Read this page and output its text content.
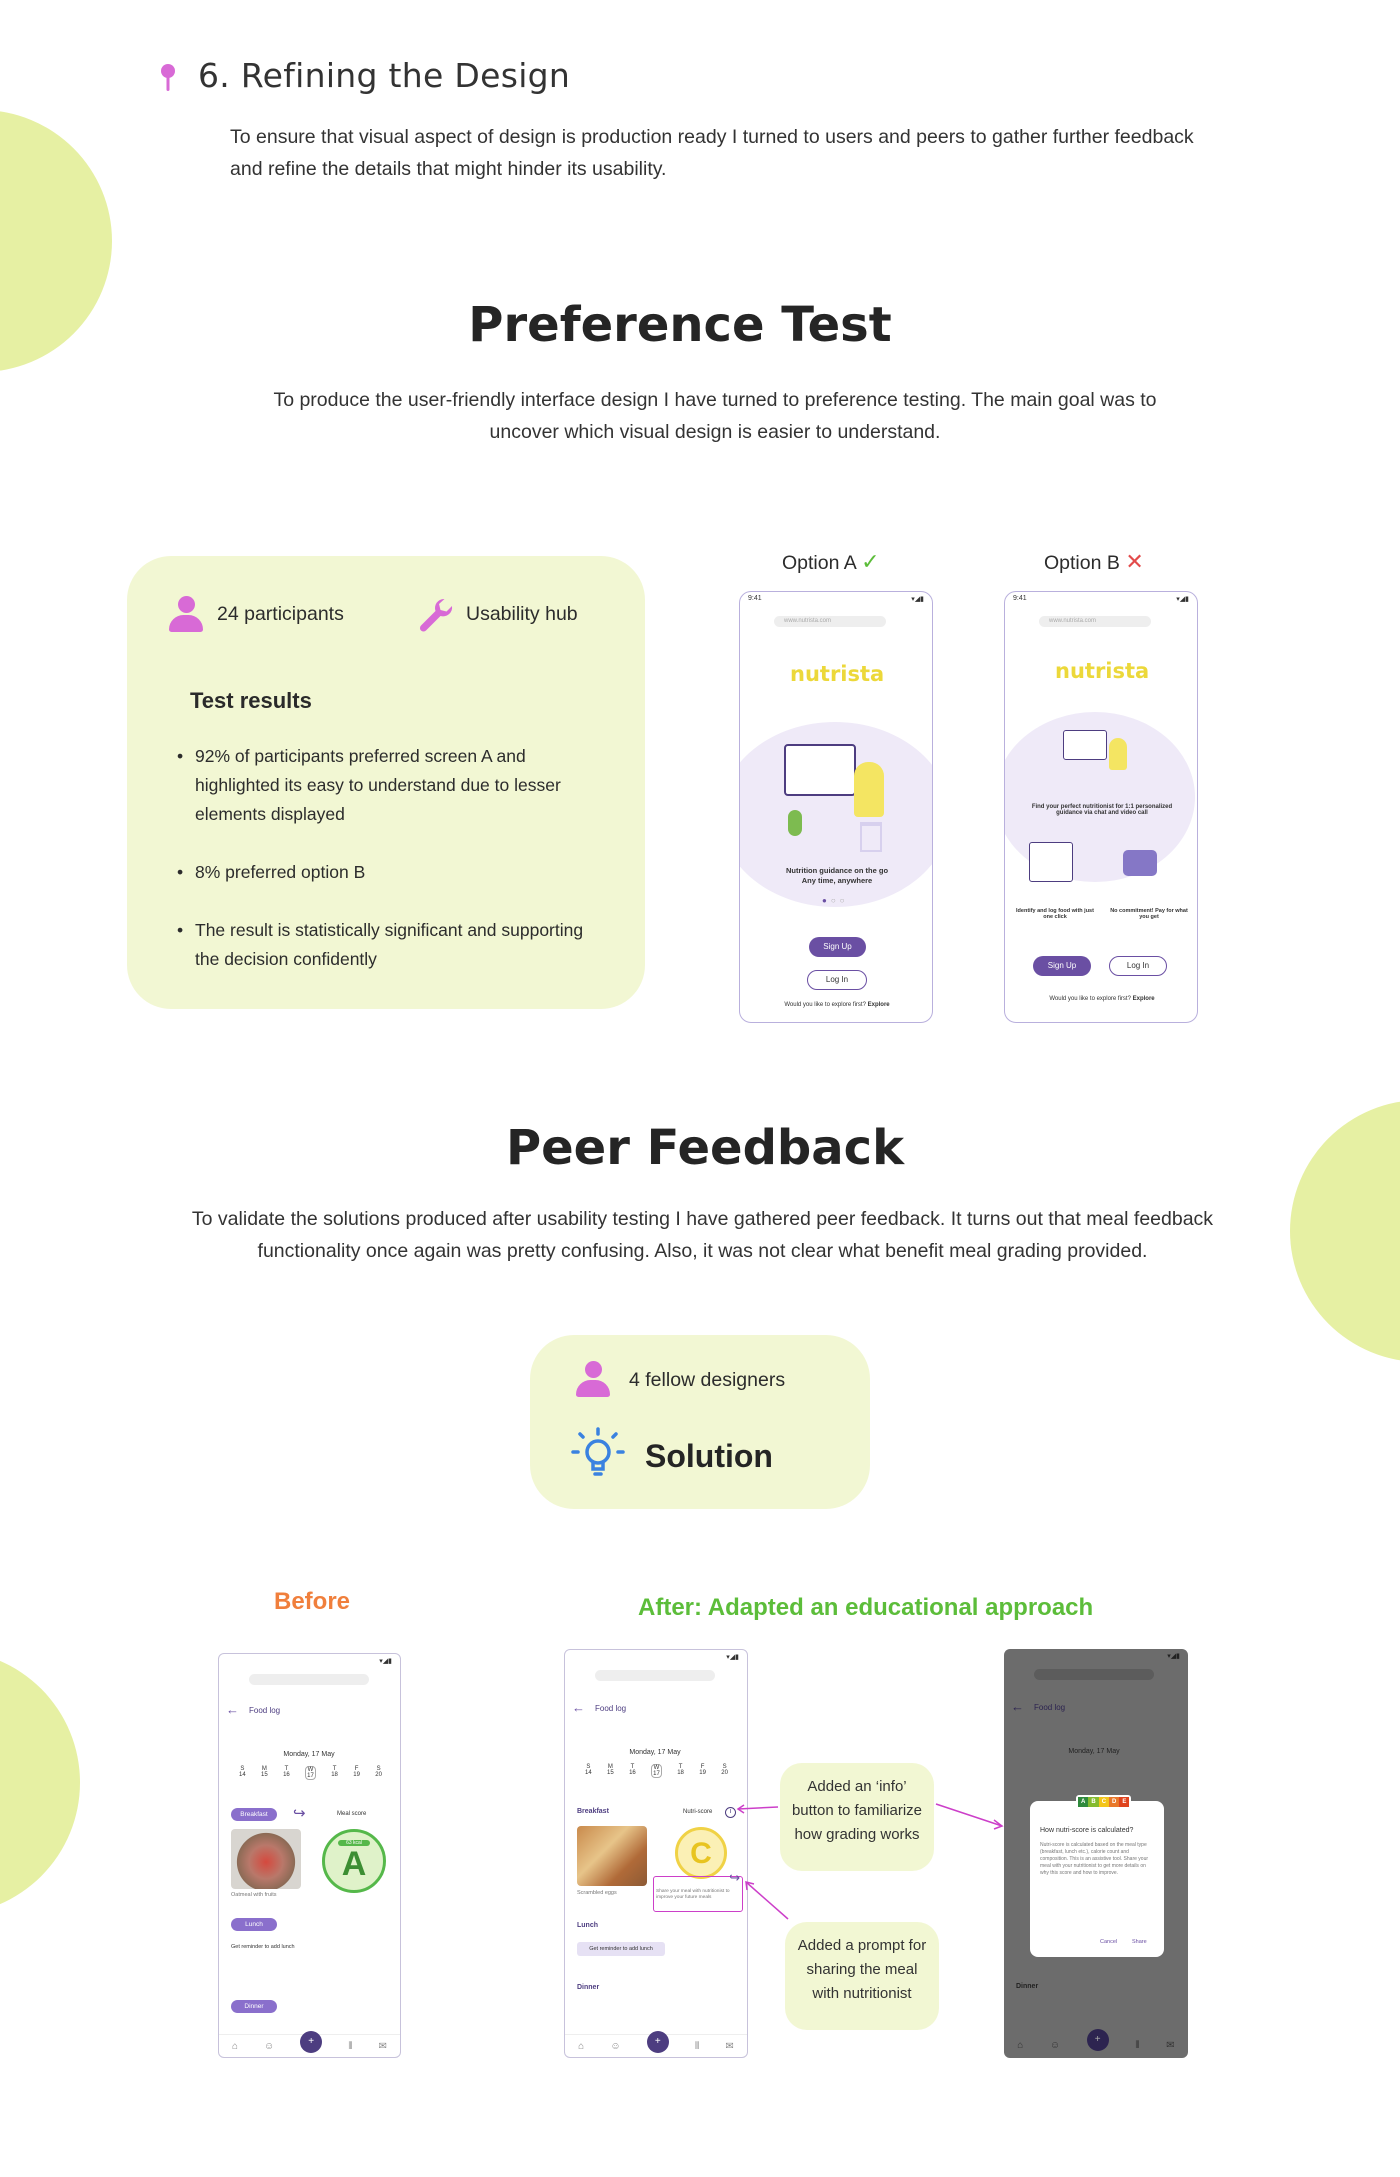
6. Refining the Design
To ensure that visual aspect of design is production ready I turned to users and peers to gather further feedback and refine the details that might hinder its usability.
Preference Test
To produce the user-friendly interface design I have turned to preference testing. The main goal was to uncover which visual design is easier to understand.
24 participants	Usability hub
Test results
• 92% of participants preferred screen A and highlighted its easy to understand due to lesser elements displayed
• 8% preferred option B
• The result is statistically significant and supporting the decision confidently
Option A ✓	Option B ✕
9:41	▾◢▮
www.nutrista.com
nutrista
Nutrition guidance on the go
Any time, anywhere
●○○
Sign Up
Log In
Would you like to explore first? Explore
9:41	▾◢▮
www.nutrista.com
nutrista
Find your perfect nutritionist for 1:1 personalized guidance via chat and video call
Identify and log food with just one click
No commitment! Pay for what you get
Sign Up	Log In
Would you like to explore first? Explore
Peer Feedback
To validate the solutions produced after usability testing I have gathered peer feedback. It turns out that meal feedback functionality once again was pretty confusing. Also, it was not clear what benefit meal grading provided.
4 fellow designers
Solution
Before	After: Adapted an educational approach
▾◢▮
← Food log
Monday, 17 May
S
14
M
15
T
16
W
17
T
18
F
19
S
20
Breakfast	↪	Meal score
63 kcal
A
Oatmeal with fruits
Lunch
Get reminder to add lunch
Dinner
⌂	☺	+	⦀	✉
▾◢▮
← Food log
Monday, 17 May
S
14
M
15
T
16
W
17
T
18
F
19
S
20
Breakfast	Nutri-score	i
C
Scrambled eggs
↪
Share your meal with nutritionist to improve your future meals
Lunch
Get reminder to add lunch
Dinner
⌂	☺	+	⦀	✉
▾◢▮
← Food log
Monday, 17 May
Dinner
A	B	C	D	E
How nutri-score is calculated?
Nutri-score is calculated based on the meal type (breakfast, lunch etc.), calorie count and composition. This is an assistive tool. Share your meal with your nutritionist to get more details on why this score and how to improve.
Cancel	Share
⌂	☺	+	⦀	✉
Added an ‘info’ button to familiarize how grading works
Added a prompt for sharing the meal with nutritionist
